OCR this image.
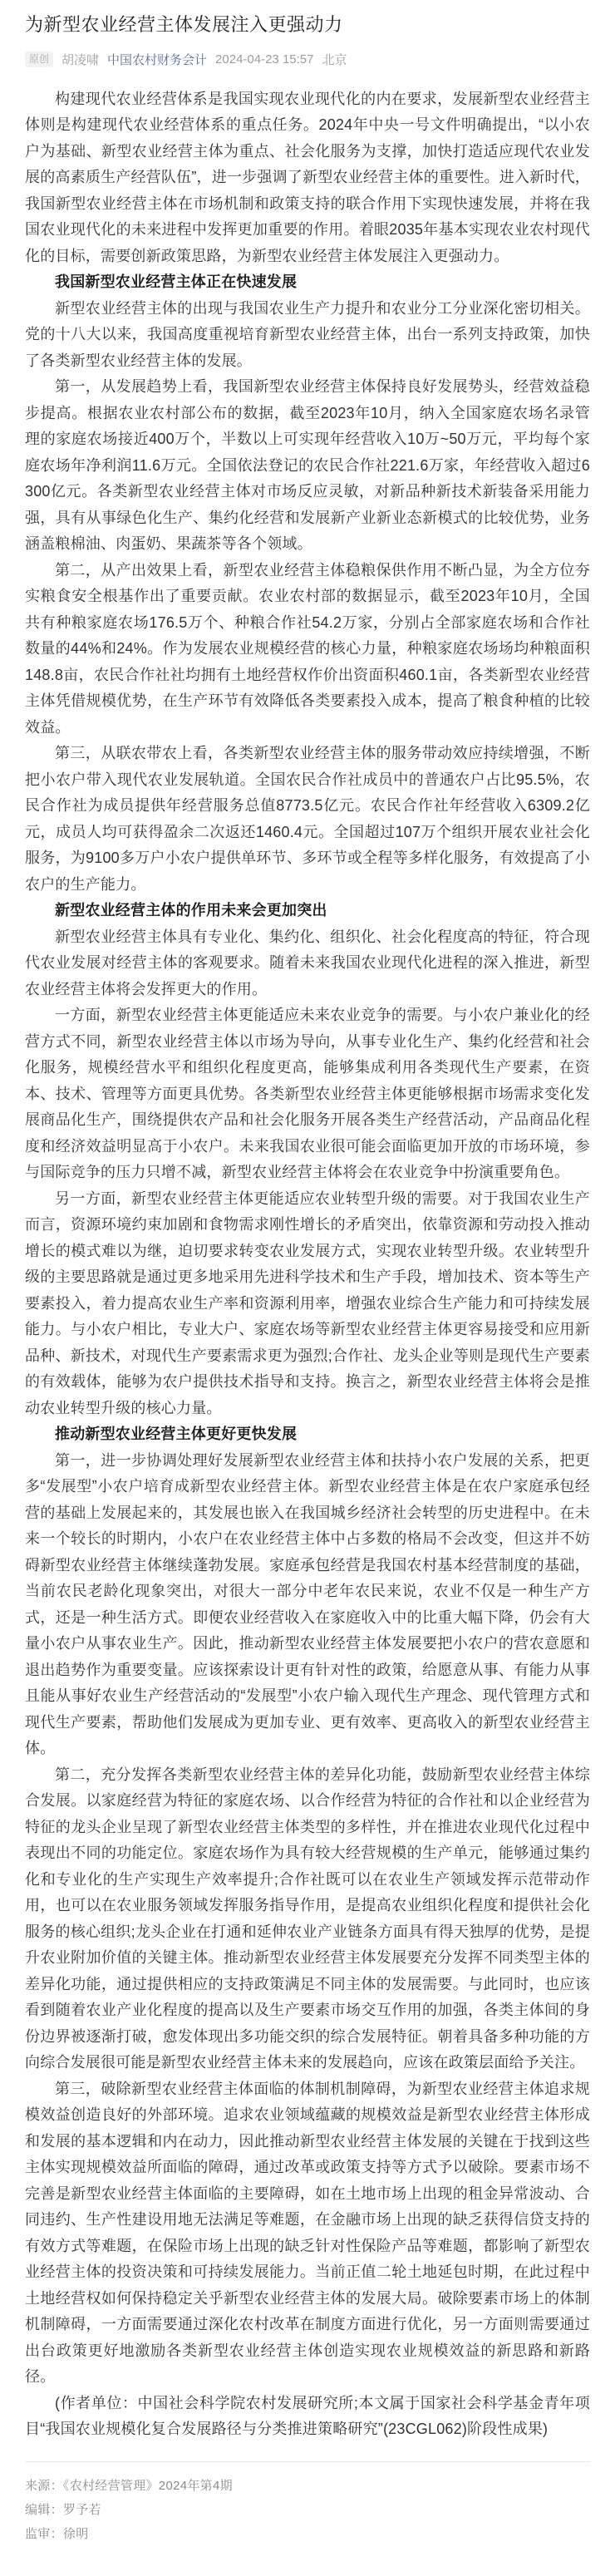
为新型农业经营主体发展注入更强动力
原创	胡凌啸 中国农村财务会计 2024-04-23 15:57 北京

构建现代农业经营体系是我国实现农业现代化的内在要求，发展新型农业经营主体则是构建现代农业经营体系的重点任务。2024年中央一号文件明确提出，“以小农户为基础、新型农业经营主体为重点、社会化服务为支撑，加快打造适应现代农业发展的高素质生产经营队伍”，进一步强调了新型农业经营主体的重要性。进入新时代，我国新型农业经营主体在市场机制和政策支持的联合作用下实现快速发展，并将在我国农业现代化的未来进程中发挥更加重要的作用。着眼2035年基本实现农业农村现代化的目标，需要创新政策思路，为新型农业经营主体发展注入更强动力。

我国新型农业经营主体正在快速发展

新型农业经营主体的出现与我国农业生产力提升和农业分工分业深化密切相关。党的十八大以来，我国高度重视培育新型农业经营主体，出台一系列支持政策，加快了各类新型农业经营主体的发展。

第一，从发展趋势上看，我国新型农业经营主体保持良好发展势头，经营效益稳步提高。根据农业农村部公布的数据，截至2023年10月，纳入全国家庭农场名录管理的家庭农场接近400万个，半数以上可实现年经营收入10万~50万元，平均每个家庭农场年净利润11.6万元。全国依法登记的农民合作社221.6万家，年经营收入超过6300亿元。各类新型农业经营主体对市场反应灵敏，对新品种新技术新装备采用能力强，具有从事绿色化生产、集约化经营和发展新产业新业态新模式的比较优势，业务涵盖粮棉油、肉蛋奶、果蔬茶等各个领域。

第二，从产出效果上看，新型农业经营主体稳粮保供作用不断凸显，为全方位夯实粮食安全根基作出了重要贡献。农业农村部的数据显示，截至2023年10月，全国共有种粮家庭农场176.5万个、种粮合作社54.2万家，分别占全部家庭农场和合作社数量的44%和24%。作为发展农业规模经营的核心力量，种粮家庭农场场均种粮面积148.8亩，农民合作社社均拥有土地经营权作价出资面积460.1亩，各类新型农业经营主体凭借规模优势，在生产环节有效降低各类要素投入成本，提高了粮食种植的比较效益。

第三，从联农带农上看，各类新型农业经营主体的服务带动效应持续增强，不断把小农户带入现代农业发展轨道。全国农民合作社成员中的普通农户占比95.5%，农民合作社为成员提供年经营服务总值8773.5亿元。农民合作社年经营收入6309.2亿元，成员人均可获得盈余二次返还1460.4元。全国超过107万个组织开展农业社会化服务，为9100多万户小农户提供单环节、多环节或全程等多样化服务，有效提高了小农户的生产能力。

新型农业经营主体的作用未来会更加突出

新型农业经营主体具有专业化、集约化、组织化、社会化程度高的特征，符合现代农业发展对经营主体的客观要求。随着未来我国农业现代化进程的深入推进，新型农业经营主体将会发挥更大的作用。

一方面，新型农业经营主体更能适应未来农业竞争的需要。与小农户兼业化的经营方式不同，新型农业经营主体以市场为导向，从事专业化生产、集约化经营和社会化服务，规模经营水平和组织化程度更高，能够集成利用各类现代生产要素，在资本、技术、管理等方面更具优势。各类新型农业经营主体更能够根据市场需求变化发展商品化生产，围绕提供农产品和社会化服务开展各类生产经营活动，产品商品化程度和经济效益明显高于小农户。未来我国农业很可能会面临更加开放的市场环境，参与国际竞争的压力只增不减，新型农业经营主体将会在农业竞争中扮演重要角色。

另一方面，新型农业经营主体更能适应农业转型升级的需要。对于我国农业生产而言，资源环境约束加剧和食物需求刚性增长的矛盾突出，依靠资源和劳动投入推动增长的模式难以为继，迫切要求转变农业发展方式，实现农业转型升级。农业转型升级的主要思路就是通过更多地采用先进科学技术和生产手段，增加技术、资本等生产要素投入，着力提高农业生产率和资源利用率，增强农业综合生产能力和可持续发展能力。与小农户相比，专业大户、家庭农场等新型农业经营主体更容易接受和应用新品种、新技术，对现代生产要素需求更为强烈;合作社、龙头企业等则是现代生产要素的有效载体，能够为农户提供技术指导和支持。换言之，新型农业经营主体将会是推动农业转型升级的核心力量。

推动新型农业经营主体更好更快发展

第一，进一步协调处理好发展新型农业经营主体和扶持小农户发展的关系，把更多“发展型”小农户培育成新型农业经营主体。新型农业经营主体是在农户家庭承包经营的基础上发展起来的，其发展也嵌入在我国城乡经济社会转型的历史进程中。在未来一个较长的时期内，小农户在农业经营主体中占多数的格局不会改变，但这并不妨碍新型农业经营主体继续蓬勃发展。家庭承包经营是我国农村基本经营制度的基础，当前农民老龄化现象突出，对很大一部分中老年农民来说，农业不仅是一种生产方式，还是一种生活方式。即便农业经营收入在家庭收入中的比重大幅下降，仍会有大量小农户从事农业生产。因此，推动新型农业经营主体发展要把小农户的营农意愿和退出趋势作为重要变量。应该探索设计更有针对性的政策，给愿意从事、有能力从事且能从事好农业生产经营活动的“发展型”小农户输入现代生产理念、现代管理方式和现代生产要素，帮助他们发展成为更加专业、更有效率、更高收入的新型农业经营主体。

第二，充分发挥各类新型农业经营主体的差异化功能，鼓励新型农业经营主体综合发展。以家庭经营为特征的家庭农场、以合作经营为特征的合作社和以企业经营为特征的龙头企业呈现了新型农业经营主体类型的多样性，并在推进农业现代化过程中表现出不同的功能定位。家庭农场作为具有较大经营规模的生产单元，能够通过集约化和专业化的生产实现生产效率提升;合作社既可以在农业生产领域发挥示范带动作用，也可以在农业服务领域发挥服务指导作用，是提高农业组织化程度和提供社会化服务的核心组织;龙头企业在打通和延伸农业产业链条方面具有得天独厚的优势，是提升农业附加价值的关键主体。推动新型农业经营主体发展要充分发挥不同类型主体的差异化功能，通过提供相应的支持政策满足不同主体的发展需要。与此同时，也应该看到随着农业产业化程度的提高以及生产要素市场交互作用的加强，各类主体间的身份边界被逐渐打破，愈发体现出多功能交织的综合发展特征。朝着具备多种功能的方向综合发展很可能是新型农业经营主体未来的发展趋向，应该在政策层面给予关注。

第三，破除新型农业经营主体面临的体制机制障碍，为新型农业经营主体追求规模效益创造良好的外部环境。追求农业领域蕴藏的规模效益是新型农业经营主体形成和发展的基本逻辑和内在动力，因此推动新型农业经营主体发展的关键在于找到这些主体实现规模效益所面临的障碍，通过改革或政策支持等方式予以破除。要素市场不完善是新型农业经营主体面临的主要障碍，如在土地市场上出现的租金异常波动、合同违约、生产性建设用地无法满足等难题，在金融市场上出现的缺乏获得信贷支持的有效方式等难题，在保险市场上出现的缺乏针对性保险产品等难题，都影响了新型农业经营主体的投资决策和可持续发展能力。当前正值二轮土地延包时期，在此过程中土地经营权如何保持稳定关乎新型农业经营主体的发展大局。破除要素市场上的体制机制障碍，一方面需要通过深化农村改革在制度方面进行优化，另一方面则需要通过出台政策更好地激励各类新型农业经营主体创造实现农业规模效益的新思路和新路径。

(作者单位：中国社会科学院农村发展研究所;本文属于国家社会科学基金青年项目“我国农业规模化复合发展路径与分类推进策略研究”(23CGL062)阶段性成果)

来源：《农村经营管理》2024年第4期

编辑：罗予若

监审：徐明
